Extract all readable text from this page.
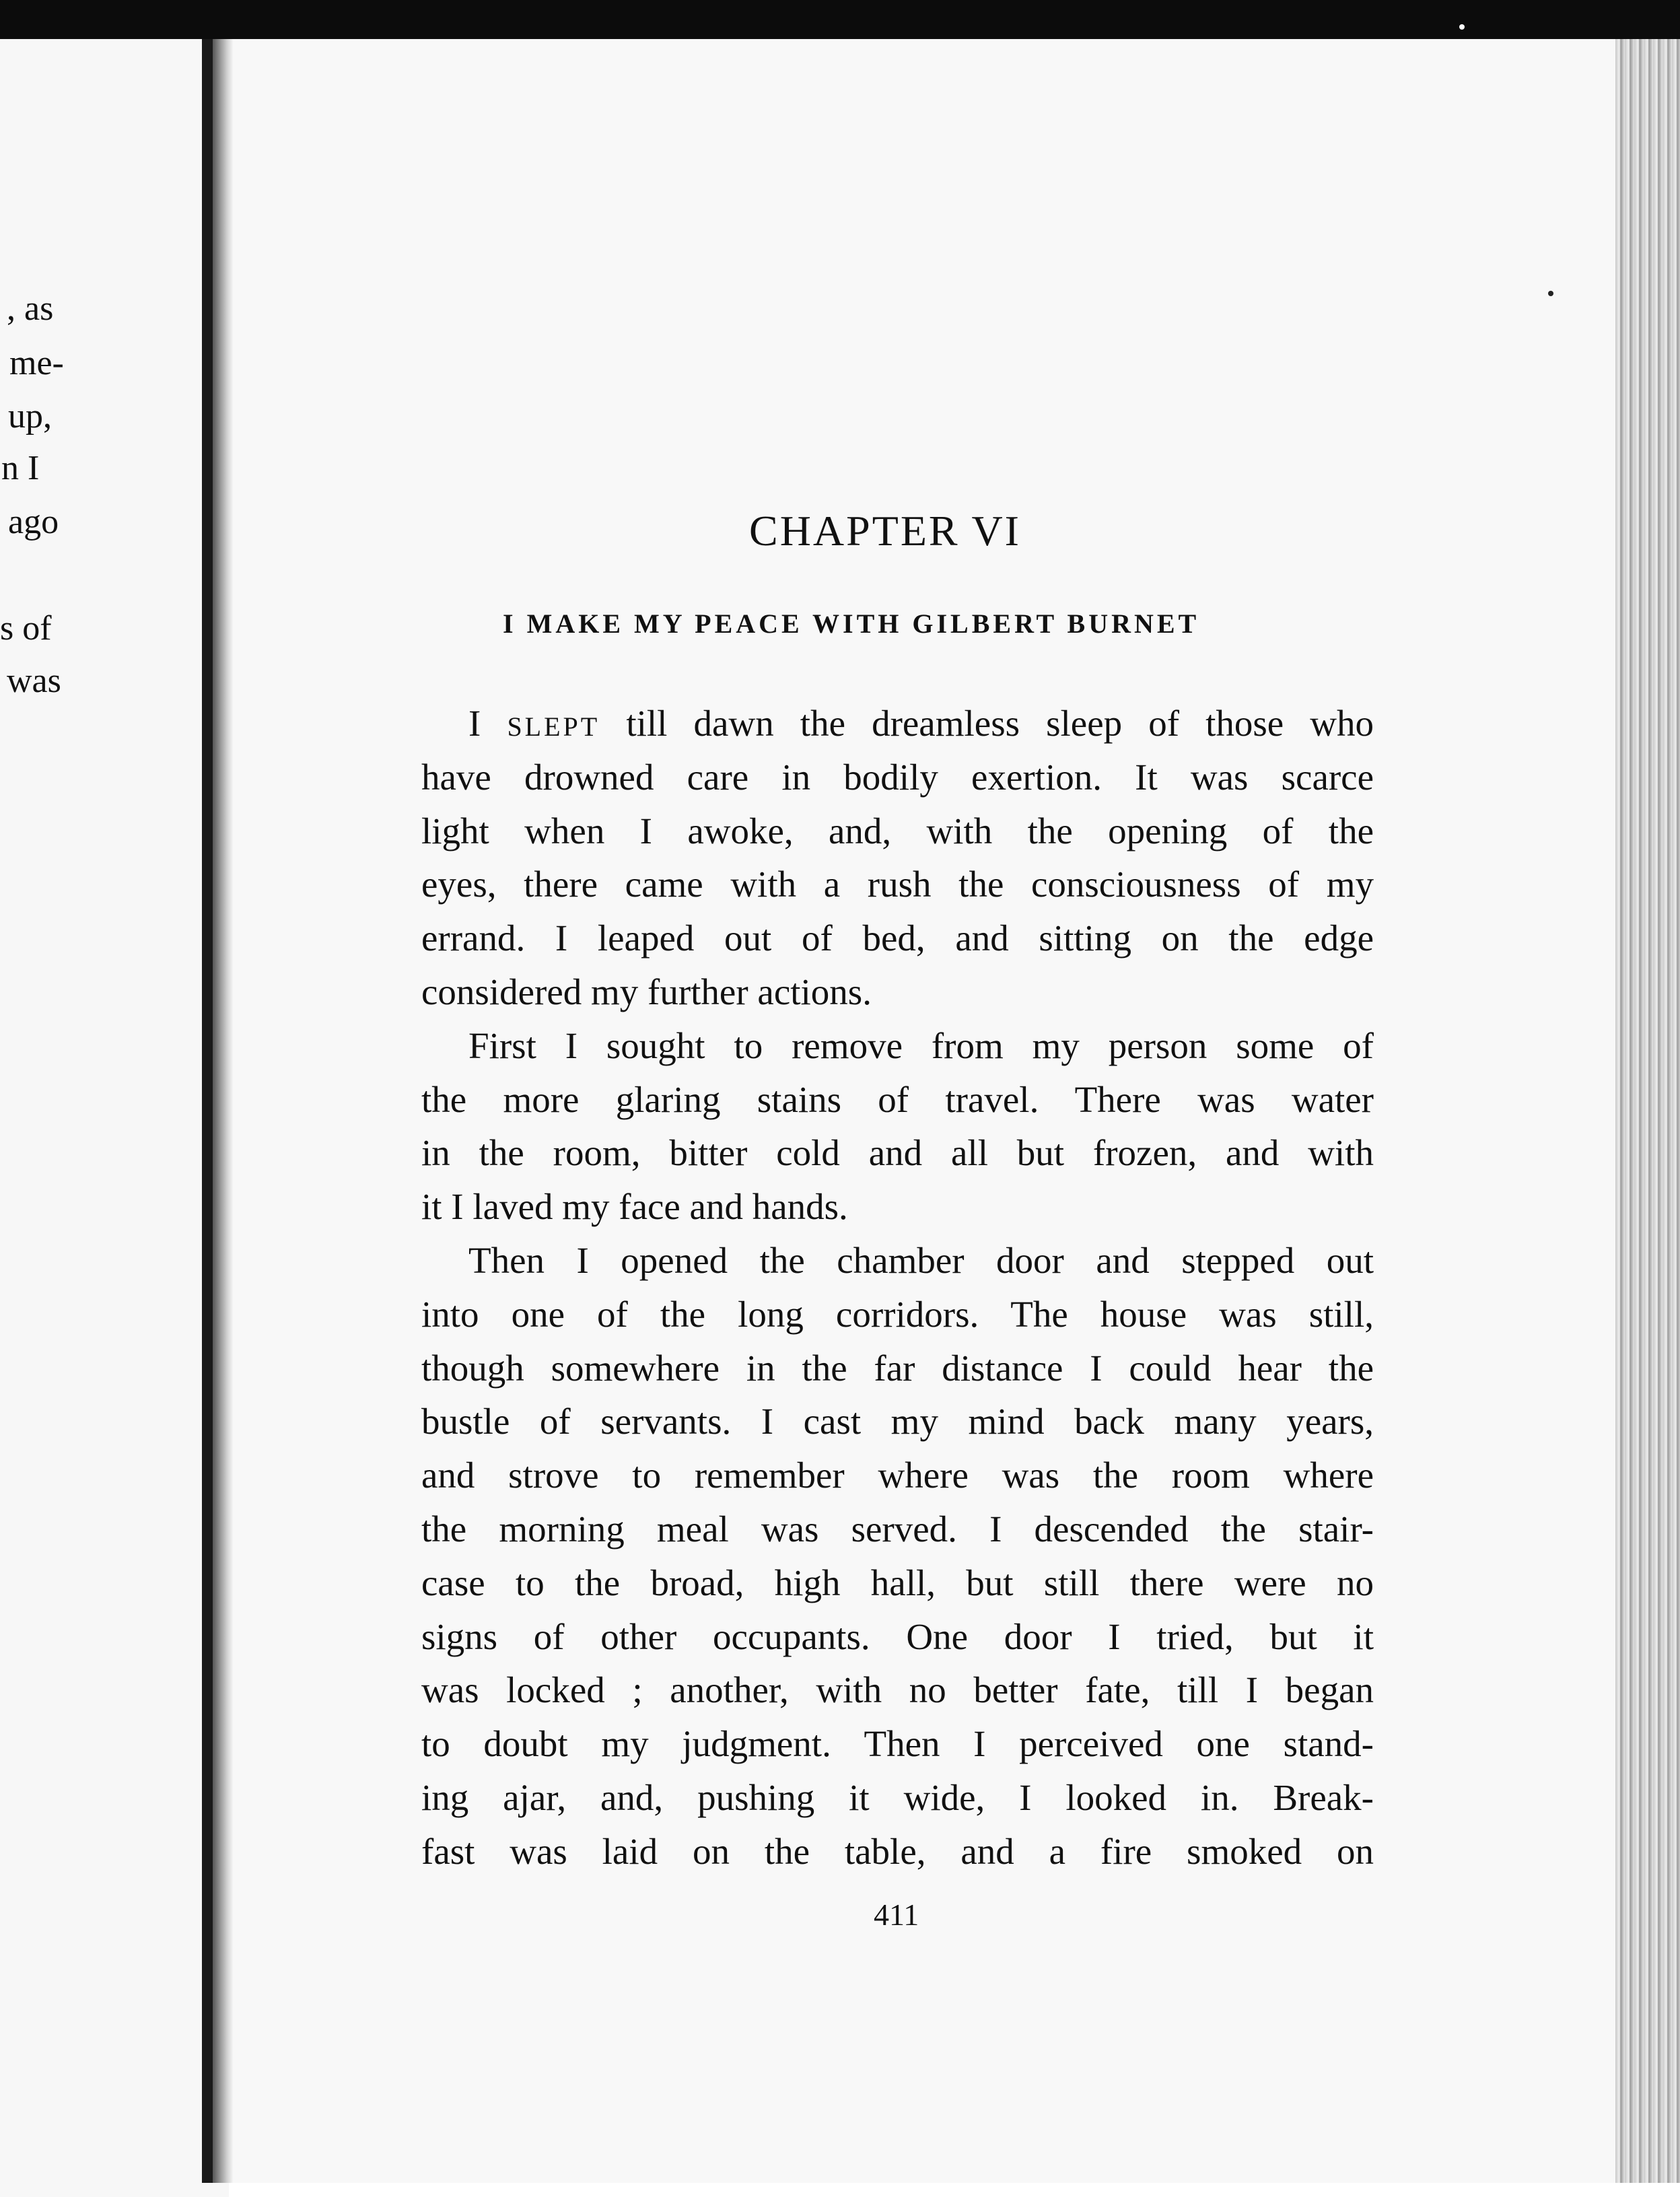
, as
me-
up,
n I
ago
s of
was
CHAPTER VI
I MAKE MY PEACE WITH GILBERT BURNET
I SLEPT till dawn the dreamless sleep of those who
have drowned care in bodily exertion. It was scarce
light when I awoke, and, with the opening of the
eyes, there came with a rush the consciousness of my
errand. I leaped out of bed, and sitting on the edge
considered my further actions.
First I sought to remove from my person some of
the more glaring stains of travel. There was water
in the room, bitter cold and all but frozen, and with
it I laved my face and hands.
Then I opened the chamber door and stepped out
into one of the long corridors. The house was still,
though somewhere in the far distance I could hear the
bustle of servants. I cast my mind back many years,
and strove to remember where was the room where
the morning meal was served. I descended the stair-
case to the broad, high hall, but still there were no
signs of other occupants. One door I tried, but it
was locked ; another, with no better fate, till I began
to doubt my judgment. Then I perceived one stand-
ing ajar, and, pushing it wide, I looked in. Break-
fast was laid on the table, and a fire smoked on

411
